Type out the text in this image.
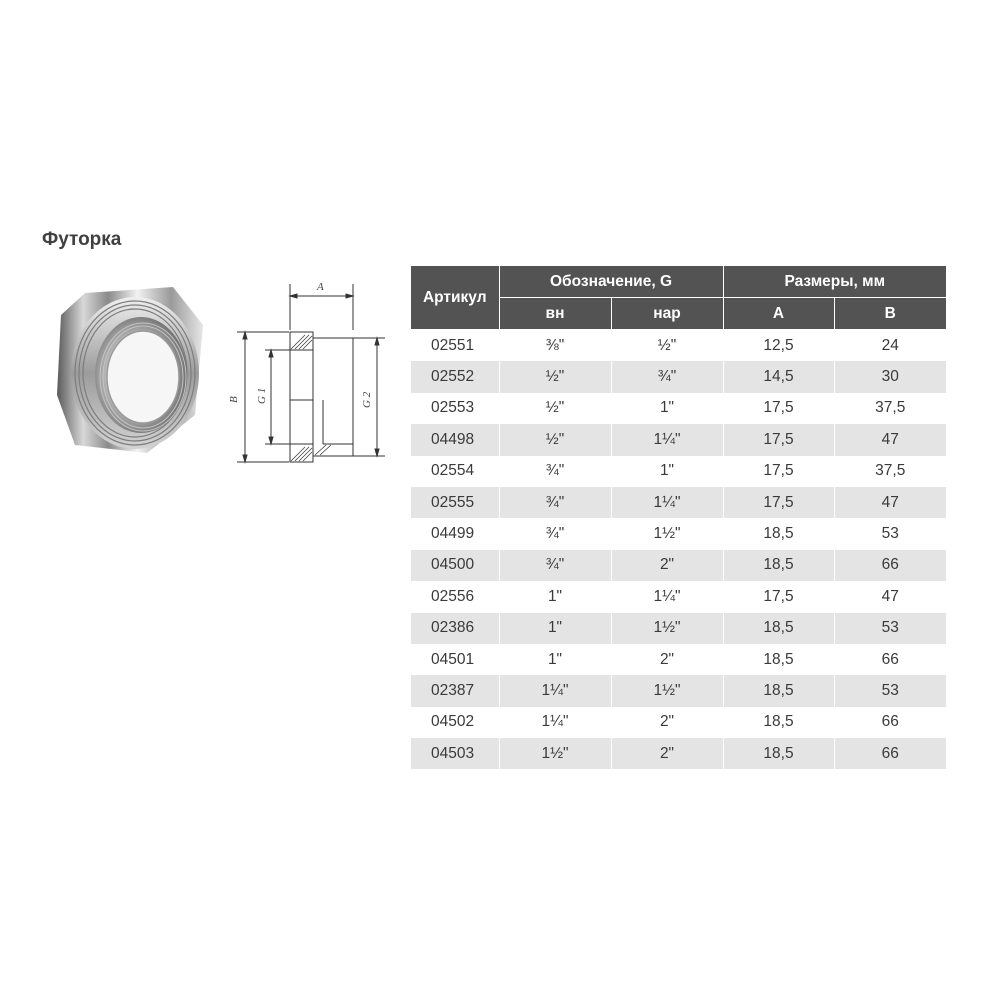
Футорка
A
B G 1	G 2
Артикул	Обозначение, G		Размеры, мм	
	вн	нар	A	B
02551	⅜"	½"	12,5	24
02552	½"	¾"	14,5	30
02553	½"	1"	17,5	37,5
04498	½"	1¼"	17,5	47
02554	¾"	1"	17,5	37,5
02555	¾"	1¼"	17,5	47
04499	¾"	1½"	18,5	53
04500	¾"	2"	18,5	66
02556	1"	1¼"	17,5	47
02386	1"	1½"	18,5	53
04501	1"	2"	18,5	66
02387	1¼"	1½"	18,5	53
04502	1¼"	2"	18,5	66
04503	1½"	2"	18,5	66
